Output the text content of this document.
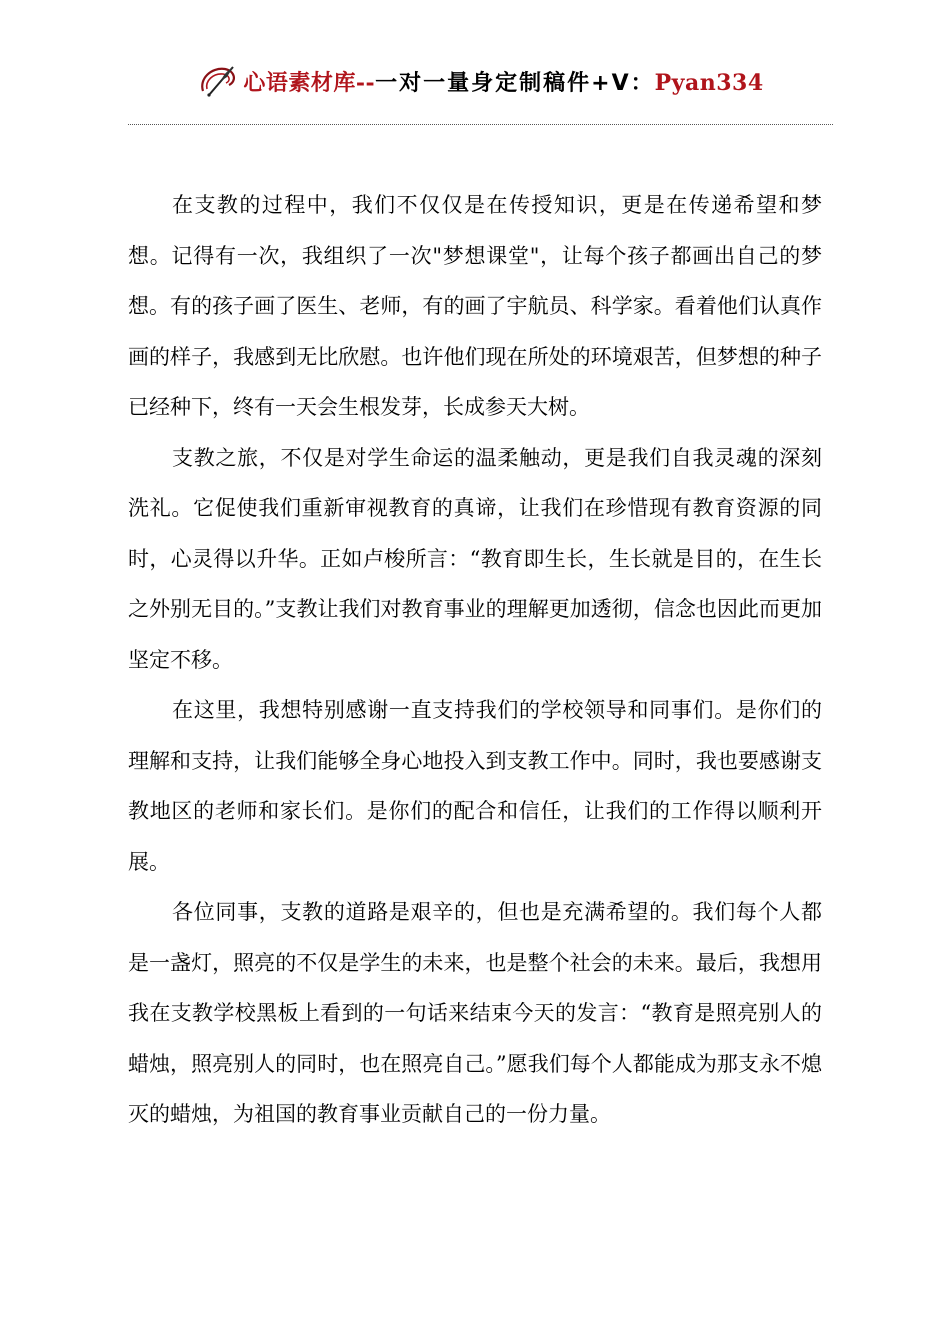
心语素材库--一对一量身定制稿件+V：Pyan334

在支教的过程中，我们不仅仅是在传授知识，更是在传递希望和梦想。记得有一次，我组织了一次"梦想课堂"，让每个孩子都画出自己的梦想。有的孩子画了医生、老师，有的画了宇航员、科学家。看着他们认真作画的样子，我感到无比欣慰。也许他们现在所处的环境艰苦，但梦想的种子已经种下，终有一天会生根发芽，长成参天大树。

支教之旅，不仅是对学生命运的温柔触动，更是我们自我灵魂的深刻洗礼。它促使我们重新审视教育的真谛，让我们在珍惜现有教育资源的同时，心灵得以升华。正如卢梭所言：“教育即生长，生长就是目的，在生长之外别无目的。”支教让我们对教育事业的理解更加透彻，信念也因此而更加坚定不移。

在这里，我想特别感谢一直支持我们的学校领导和同事们。是你们的理解和支持，让我们能够全身心地投入到支教工作中。同时，我也要感谢支教地区的老师和家长们。是你们的配合和信任，让我们的工作得以顺利开展。

各位同事，支教的道路是艰辛的，但也是充满希望的。我们每个人都是一盏灯，照亮的不仅是学生的未来，也是整个社会的未来。最后，我想用我在支教学校黑板上看到的一句话来结束今天的发言：“教育是照亮别人的蜡烛，照亮别人的同时，也在照亮自己。”愿我们每个人都能成为那支永不熄灭的蜡烛，为祖国的教育事业贡献自己的一份力量。
